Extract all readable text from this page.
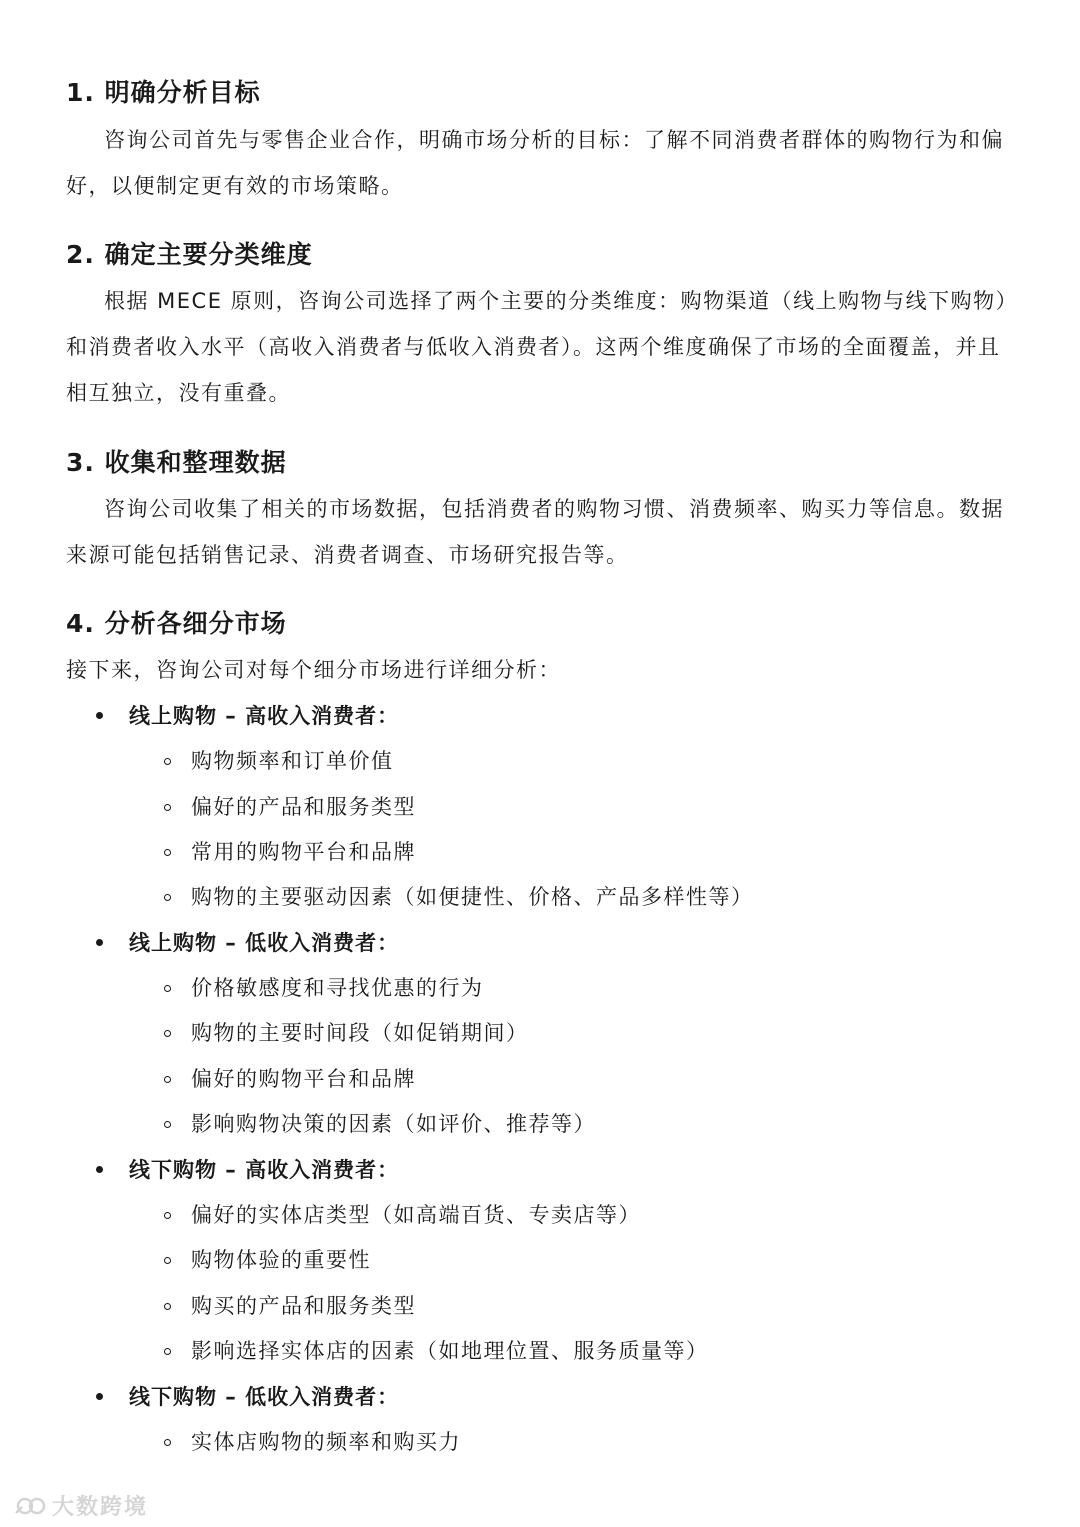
1. 明确分析目标
咨询公司首先与零售企业合作，明确市场分析的目标：了解不同消费者群体的购物行为和偏好，以便制定更有效的市场策略。
2. 确定主要分类维度
根据 MECE 原则，咨询公司选择了两个主要的分类维度：购物渠道（线上购物与线下购物）和消费者收入水平（高收入消费者与低收入消费者）。这两个维度确保了市场的全面覆盖，并且相互独立，没有重叠。
3. 收集和整理数据
咨询公司收集了相关的市场数据，包括消费者的购物习惯、消费频率、购买力等信息。数据来源可能包括销售记录、消费者调查、市场研究报告等。
4. 分析各细分市场
接下来，咨询公司对每个细分市场进行详细分析：
线上购物 – 高收入消费者：
购物频率和订单价值
偏好的产品和服务类型
常用的购物平台和品牌
购物的主要驱动因素（如便捷性、价格、产品多样性等）
线上购物 – 低收入消费者：
价格敏感度和寻找优惠的行为
购物的主要时间段（如促销期间）
偏好的购物平台和品牌
影响购物决策的因素（如评价、推荐等）
线下购物 – 高收入消费者：
偏好的实体店类型（如高端百货、专卖店等）
购物体验的重要性
购买的产品和服务类型
影响选择实体店的因素（如地理位置、服务质量等）
线下购物 – 低收入消费者：
实体店购物的频率和购买力
大数跨境
